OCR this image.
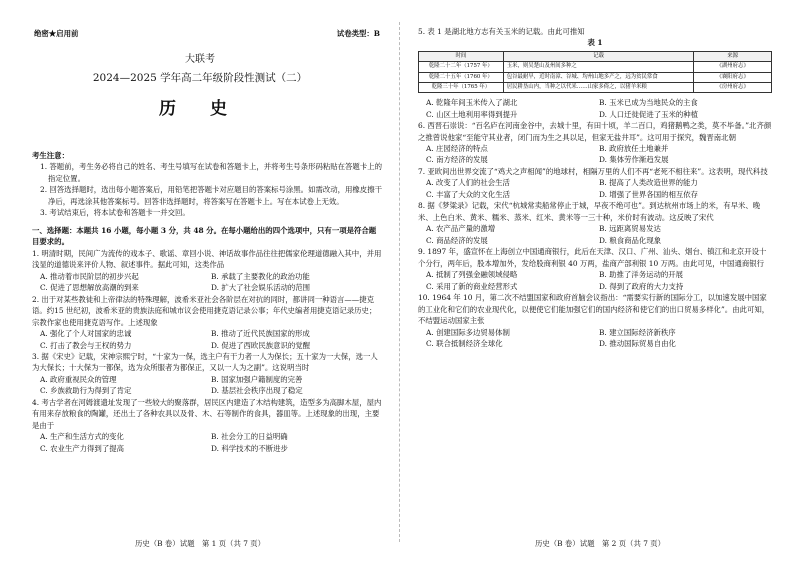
绝密★启用前	试卷类型：B
大联考
2024—2025 学年高二年级阶段性测试（二）
历 史
考生注意：
1. 答题前，考生务必将自己的姓名、考生号填写在试卷和答题卡上，并将考生号条形码粘贴在答题卡上的指定位置。
2. 回答选择题时，选出每小题答案后，用铅笔把答题卡对应题目的答案标号涂黑。如需改动，用橡皮擦干净后，再选涂其他答案标号。回答非选择题时，将答案写在答题卡上。写在本试卷上无效。
3. 考试结束后，将本试卷和答题卡一并交回。
一、选择题：本题共 16 小题，每小题 3 分，共 48 分。在每小题给出的四个选项中，只有一项是符合题目要求的。
1. 明清时期，民间广为流传的戏本子、歌谣、章回小说、神话故事作品往往把儒家伦理道德融入其中，并用浅显的道德说来评价人物、叙述事件。据此可知，这类作品
A. 推动着市民阶层的初步兴起	B. 承载了主要教化的政治功能
C. 促进了思想解放高潮的到来	D. 扩大了社会娱乐活动的范围
2. 出于对某些教徒和上帝律法的特殊理解，波希米亚社会各阶层在对抗的同时，都讲同一种语言——捷克语。约15 世纪初，波希米亚的贵族法庭和城市议会使用捷克语记录公事；年代史编者用捷克语记录历史；宗教作家也使用捷克语写作。上述现象
A. 强化了个人对国家的忠诚	B. 推动了近代民族国家的形成
C. 打击了教会与王权的势力	D. 促进了西欧民族意识的觉醒
3. 据《宋史》记载，宋神宗熙宁时，“十家为一保，选主户有干力者一人为保长；五十家为一大保，选一人为大保长；十大保为一都保，选为众所服者为都保正，又以一人为之副”。这说明当时
A. 政府重视民众的管理	B. 国家加强户籍制度的完善
C. 乡族救助行为得到了肯定	D. 基层社会秩序出现了稳定
4. 考古学者在河姆渡遗址发现了一些较大的聚落群，居民区内建造了木结构建筑，造型多为高脚木屋，屋内有用来存放粮食的陶罐，还出土了各种农具以及骨、木、石等制作的食具，器皿等。上述现象的出现，主要是由于
A. 生产和生活方式的变化	B. 社会分工的日益明确
C. 农业生产力得到了提高	D. 科学技术的不断进步
历史（B 卷）试题　第 1 页（共 7 页）
5. 表 1 是湖北地方志有关玉米的记载。由此可推知
表 1
时间	记载	来源
乾隆二十二年（1757 年）	玉米，则吴楚山及州间多种之	《湖州府志》
乾隆二十五年（1760 年）	包谷最耐旱，近时南漳、谷城、均州山地多产之，远为贫民常食	《襄阳府志》
乾隆三十年（1765 年）	居民耕垦山内，当种之以代米……山家多倚之，以猪羊米粮	《房州府志》
A. 乾隆年间玉米传入了湖北	B. 玉米已成为当地民众的主食
C. 山区土地利用率得到提升	D. 人口迁徙促进了玉米的种植
6. 西晋石崇说：“百名庐在河南金谷中，去城十里，有田十顷，羊二百口，鸡猪鹅鸭之类，莫不毕备。”北齐颜之推曾说他家“至能守其业者，闭门而为生之具以足，但家无盐井耳”。这可用于探究，魏晋南北朝
A. 庄园经济的特点	B. 政府放任土地兼并
C. 南方经济的发展	D. 集体劳作渐趋发展
7. 亚欧间出世界交流了“鸡犬之声相闻”的地球村，相隔万里的人们不再“老死不相往来”。这表明，现代科技
A. 改变了人们的社会生活	B. 提高了人类改造世界的能力
C. 丰富了大众的文化生活	D. 增强了世界各国的相互依存
8. 据《梦粱录》记载，宋代“杭城常卖船常停止于城，早夜不绝可也”。到达杭州市场上的米，有早米、晚米、上色白米、黄米、糯米、蒸米、红米、黄米等一三十种，米价时有波动。这反映了宋代
A. 农产品产量的激增	B. 远距离贸易发达
C. 商品经济的发展	D. 粮食商品化现象
9. 1897 年，盛宣怀在上海创立中国通商银行，此后在天津、汉口、广州、汕头、烟台、镇江和北京开设十个分行，两年后，股本增加外，发给股商利银 40 万两，盐商产部利银 10 万两。由此可见，中国通商银行
A. 抵制了列强金融领域侵略	B. 助推了洋务运动的开展
C. 采用了新的商业经营形式	D. 得到了政府的大力支持
10. 1964 年 10 月，第二次不结盟国家和政府首脑会议指出：“需要实行新的国际分工，以加速发展中国家的工业化和它们的农业现代化，以便使它们能加强它们的国内经济和使它们的出口贸易多样化”。由此可知，不结盟运动国家主张
A. 创建国际多边贸易体制	B. 建立国际经济新秩序
C. 联合抵制经济全球化	D. 推动国际贸易自由化
历史（B 卷）试题　第 2 页（共 7 页）
